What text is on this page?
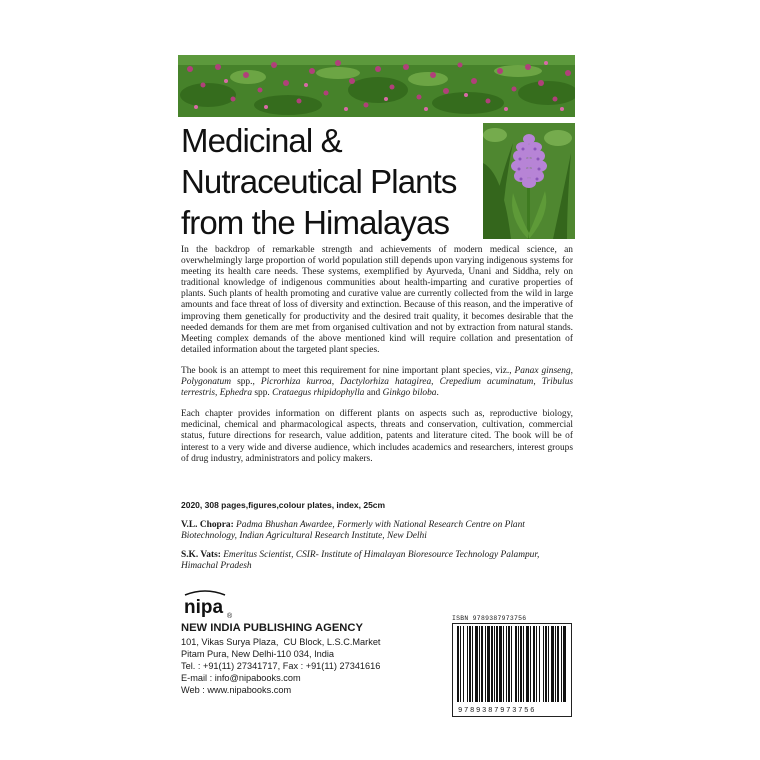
Medicinal &
Nutraceutical Plants
from the Himalayas

In the backdrop of remarkable strength and achievements of modern medical science, an overwhelmingly large proportion of world population still depends upon varying indigenous systems for meeting its health care needs. These systems, exemplified by Ayurveda, Unani and Siddha, rely on traditional knowledge of indigenous communities about health-imparting and curative properties of plants. Such plants of health promoting and curative value are currently collected from the wild in large amounts and face threat of loss of diversity and extinction. Because of this reason, and the imperative of improving them genetically for productivity and the desired trait quality, it becomes desirable that the needed demands for them are met from organised cultivation and not by extraction from natural stands. Meeting complex demands of the above mentioned kind will require collation and presentation of detailed information about the targeted plant species.

The book is an attempt to meet this requirement for nine important plant species, viz., Panax ginseng, Polygonatum spp., Picrorhiza kurroa, Dactylorhiza hatagirea, Crepedium acuminatum, Tribulus terrestris, Ephedra spp. Crataegus rhipidophylla and Ginkgo biloba.

Each chapter provides information on different plants on aspects such as, reproductive biology, medicinal, chemical and pharmacological aspects, threats and conservation, cultivation, commercial status, future directions for research, value addition, patents and literature cited. The book will be of interest to a very wide and diverse audience, which includes academics and researchers, interest groups of drug industry, administrators and policy makers.

2020, 308 pages,figures,colour plates, index, 25cm
V.L. Chopra: Padma Bhushan Awardee, Formerly with National Research Centre on Plant Biotechnology, Indian Agricultural Research Institute, New Delhi
S.K. Vats: Emeritus Scientist, CSIR- Institute of Himalayan Bioresource Technology Palampur, Himachal Pradesh
nipa ®
NEW INDIA PUBLISHING AGENCY
101, Vikas Surya Plaza,  CU Block, L.S.C.Market
Pitam Pura, New Delhi-110 034, India
Tel. : +91(11) 27341717, Fax : +91(11) 27341616
E-mail : info@nipabooks.com
Web : www.nipabooks.com
ISBN 9789387973756
9789387973756
